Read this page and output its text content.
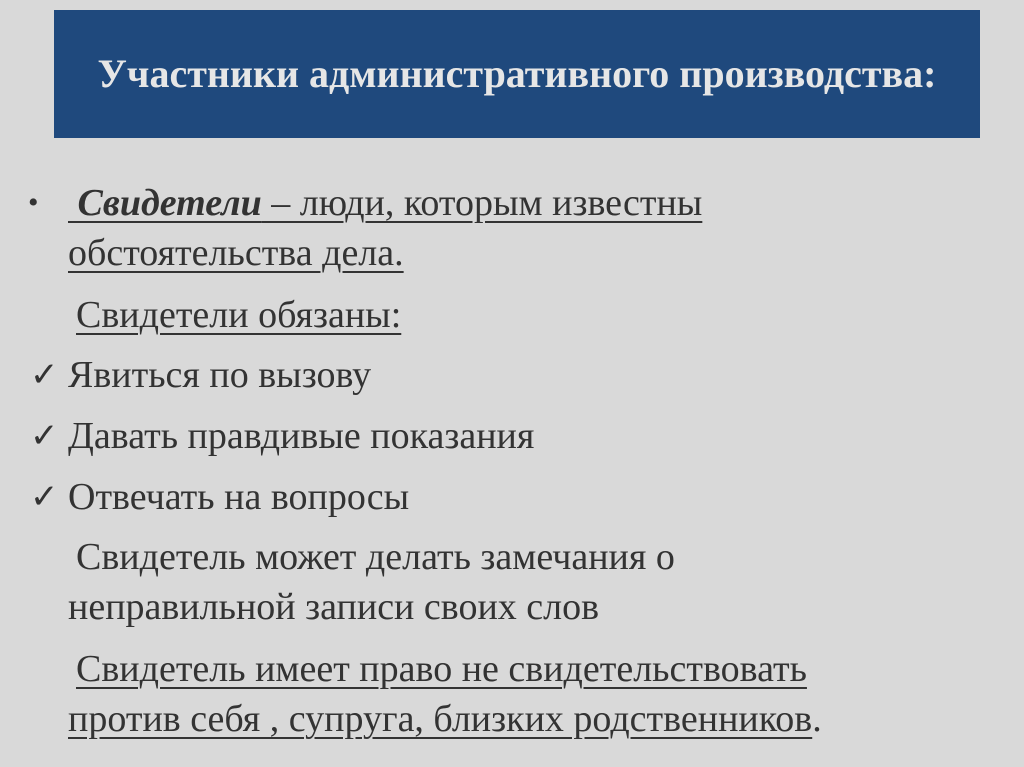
Участники административного производства:
• Свидетели – люди, которым известны
обстоятельства дела.
Свидетели обязаны:
✓ Явиться по вызову
✓ Давать правдивые показания
✓ Отвечать на вопросы
Свидетель может делать замечания о
неправильной записи своих слов
Свидетель имеет право не свидетельствовать
против себя , супруга, близких родственников.
